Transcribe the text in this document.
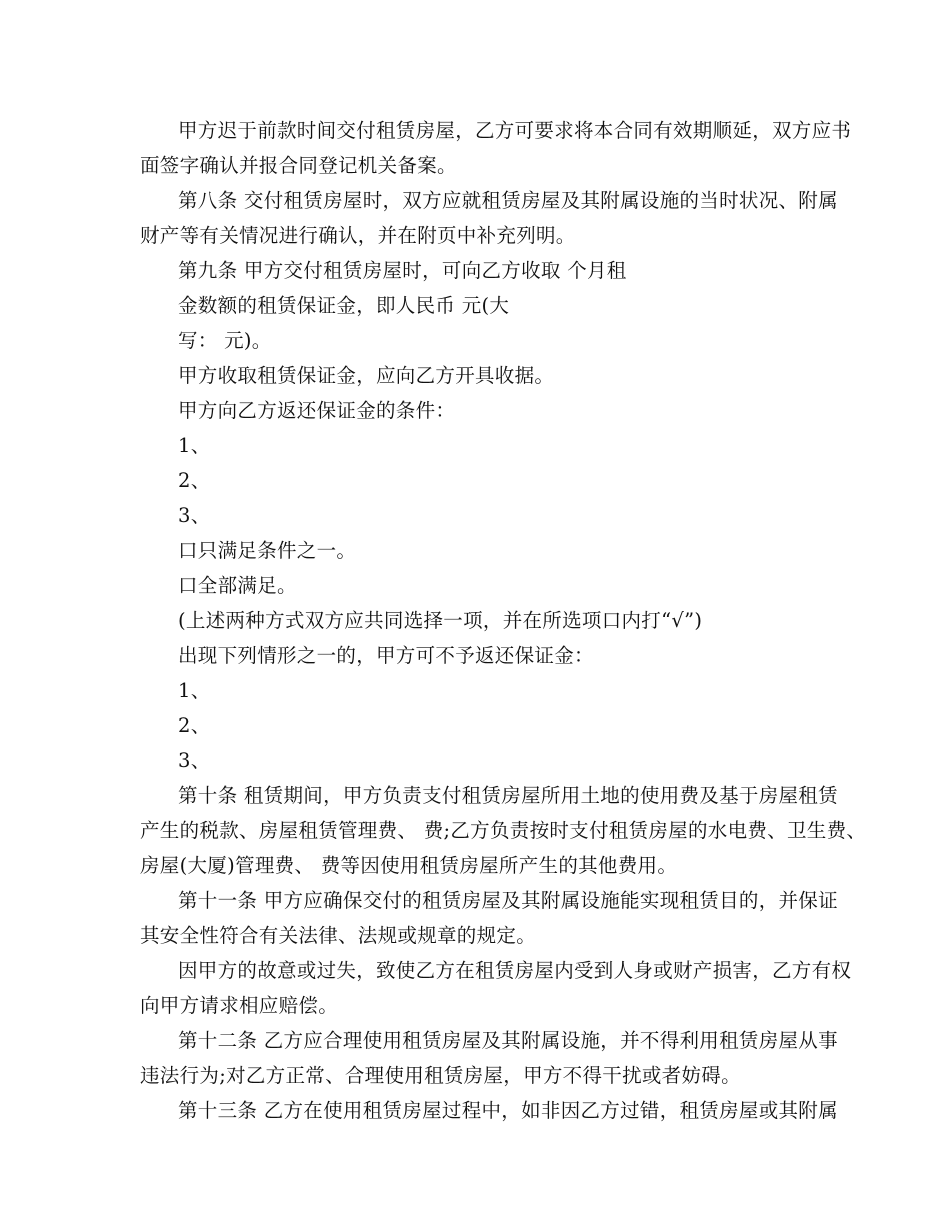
甲方迟于前款时间交付租赁房屋，乙方可要求将本合同有效期顺延，双方应书
面签字确认并报合同登记机关备案。
第八条 交付租赁房屋时，双方应就租赁房屋及其附属设施的当时状况、附属
财产等有关情况进行确认，并在附页中补充列明。
第九条 甲方交付租赁房屋时，可向乙方收取 个月租
金数额的租赁保证金，即人民币 元(大
写： 元)。
甲方收取租赁保证金，应向乙方开具收据。
甲方向乙方返还保证金的条件：
1、
2、
3、
口只满足条件之一。
口全部满足。
(上述两种方式双方应共同选择一项，并在所选项口内打“√”)
出现下列情形之一的，甲方可不予返还保证金：
1、
2、
3、
第十条 租赁期间，甲方负责支付租赁房屋所用土地的使用费及基于房屋租赁
产生的税款、房屋租赁管理费、 费;乙方负责按时支付租赁房屋的水电费、卫生费、
房屋(大厦)管理费、 费等因使用租赁房屋所产生的其他费用。
第十一条 甲方应确保交付的租赁房屋及其附属设施能实现租赁目的，并保证
其安全性符合有关法律、法规或规章的规定。
因甲方的故意或过失，致使乙方在租赁房屋内受到人身或财产损害，乙方有权
向甲方请求相应赔偿。
第十二条 乙方应合理使用租赁房屋及其附属设施，并不得利用租赁房屋从事
违法行为;对乙方正常、合理使用租赁房屋，甲方不得干扰或者妨碍。
第十三条 乙方在使用租赁房屋过程中，如非因乙方过错，租赁房屋或其附属
